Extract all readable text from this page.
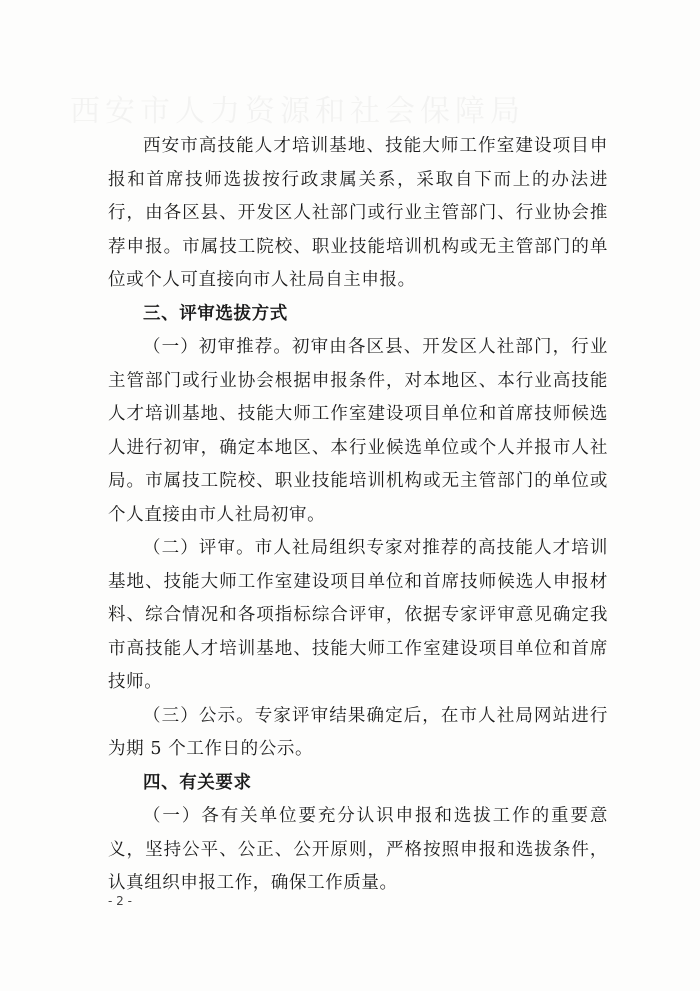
西安市高技能人才培训基地、技能大师工作室建设项目申报和首席技师选拔按行政隶属关系，采取自下而上的办法进行，由各区县、开发区人社部门或行业主管部门、行业协会推荐申报。市属技工院校、职业技能培训机构或无主管部门的单位或个人可直接向市人社局自主申报。

三、评审选拔方式

（一）初审推荐。初审由各区县、开发区人社部门，行业主管部门或行业协会根据申报条件，对本地区、本行业高技能人才培训基地、技能大师工作室建设项目单位和首席技师候选人进行初审，确定本地区、本行业候选单位或个人并报市人社局。市属技工院校、职业技能培训机构或无主管部门的单位或个人直接由市人社局初审。

（二）评审。市人社局组织专家对推荐的高技能人才培训基地、技能大师工作室建设项目单位和首席技师候选人申报材料、综合情况和各项指标综合评审，依据专家评审意见确定我市高技能人才培训基地、技能大师工作室建设项目单位和首席技师。

（三）公示。专家评审结果确定后，在市人社局网站进行为期 5 个工作日的公示。

四、有关要求

（一）各有关单位要充分认识申报和选拔工作的重要意义，坚持公平、公正、公开原则，严格按照申报和选拔条件，认真组织申报工作，确保工作质量。

- 2 -
